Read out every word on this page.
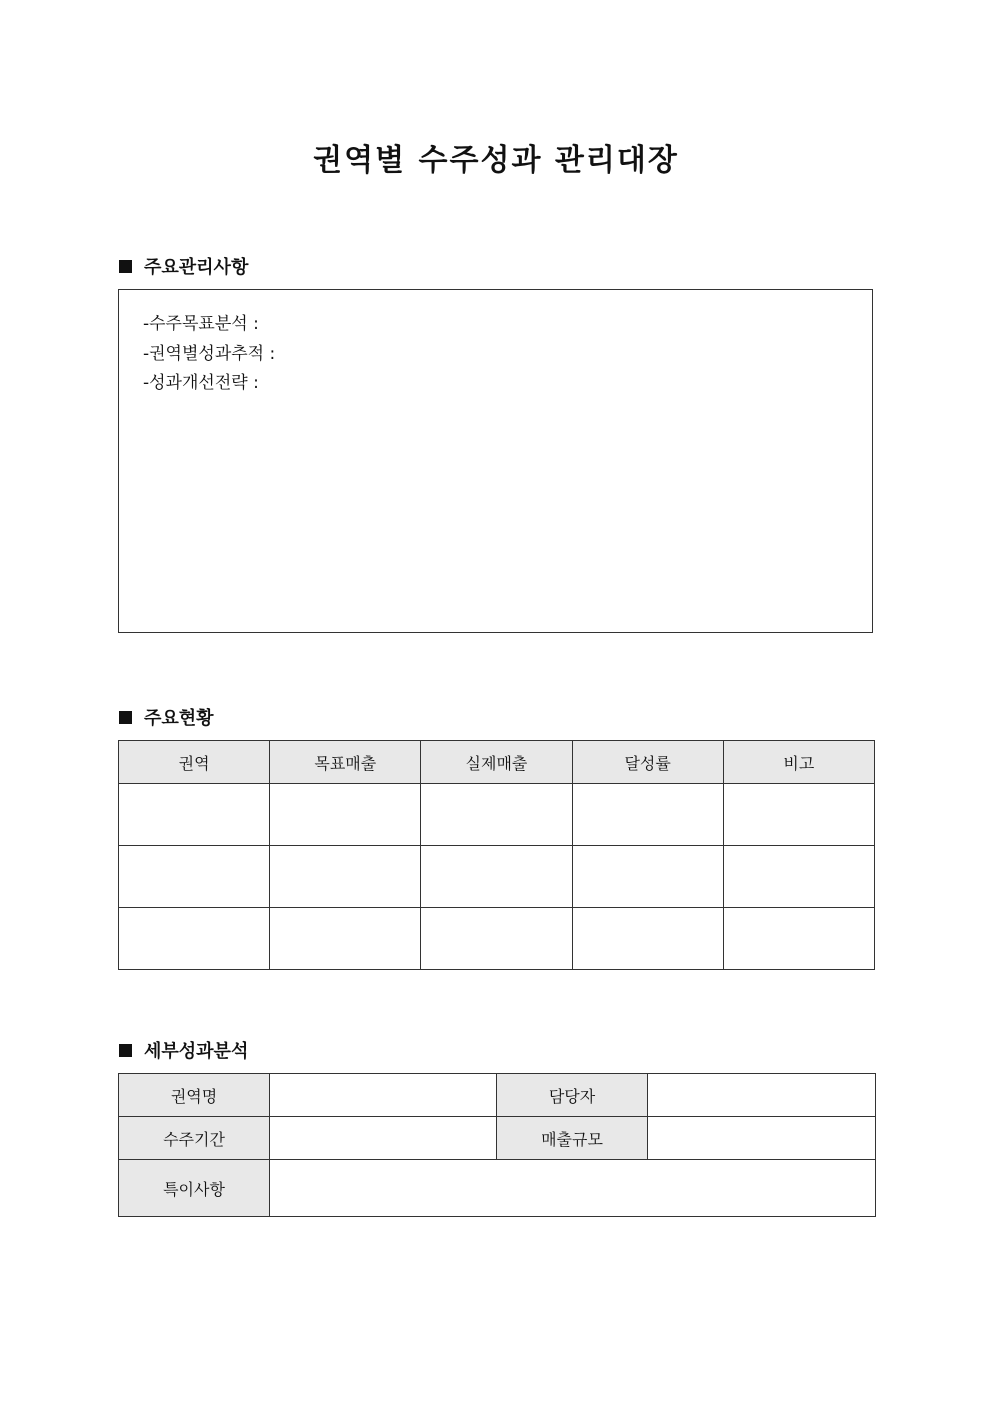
권역별 수주성과 관리대장
주요관리사항
-수주목표분석 :
-권역별성과추적 :
-성과개선전략 :
주요현황
권역	목표매출	실제매출	달성률	비고

세부성과분석
권역명		담당자	
수주기간		매출규모	
특이사항			
